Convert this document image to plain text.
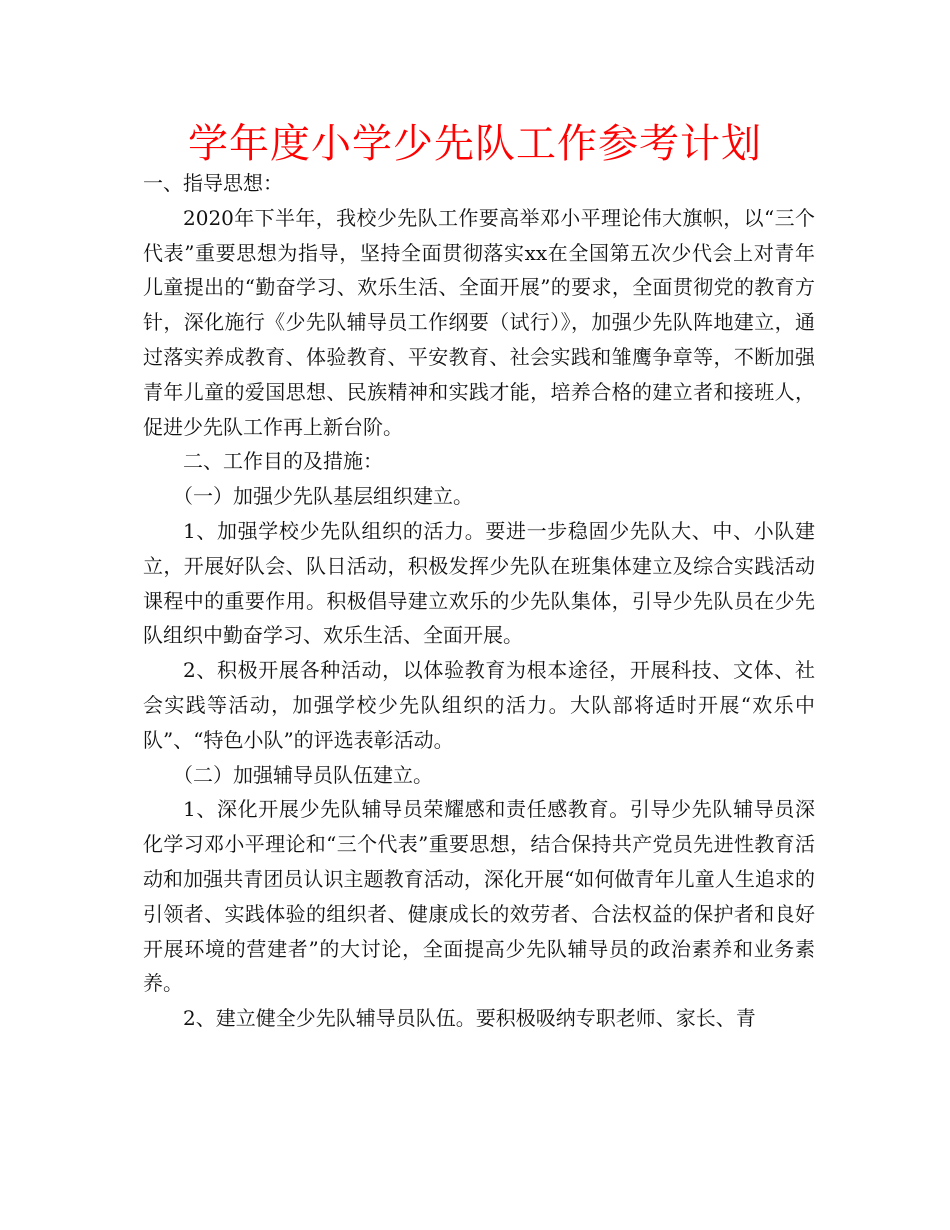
学年度小学少先队工作参考计划

一、指导思想：

2020年下半年，我校少先队工作要高举邓小平理论伟大旗帜，以“三个代表”重要思想为指导，坚持全面贯彻落实xx在全国第五次少代会上对青年儿童提出的“勤奋学习、欢乐生活、全面开展”的要求，全面贯彻党的教育方针，深化施行《少先队辅导员工作纲要（试行）》，加强少先队阵地建立，通过落实养成教育、体验教育、平安教育、社会实践和雏鹰争章等，不断加强青年儿童的爱国思想、民族精神和实践才能，培养合格的建立者和接班人，促进少先队工作再上新台阶。

二、工作目的及措施：

（一）加强少先队基层组织建立。

1、加强学校少先队组织的活力。要进一步稳固少先队大、中、小队建立，开展好队会、队日活动，积极发挥少先队在班集体建立及综合实践活动课程中的重要作用。积极倡导建立欢乐的少先队集体，引导少先队员在少先队组织中勤奋学习、欢乐生活、全面开展。

2、积极开展各种活动，以体验教育为根本途径，开展科技、文体、社会实践等活动，加强学校少先队组织的活力。大队部将适时开展“欢乐中队”、“特色小队”的评选表彰活动。

（二）加强辅导员队伍建立。

1、深化开展少先队辅导员荣耀感和责任感教育。引导少先队辅导员深化学习邓小平理论和“三个代表”重要思想，结合保持共产党员先进性教育活动和加强共青团员认识主题教育活动，深化开展“如何做青年儿童人生追求的引领者、实践体验的组织者、健康成长的效劳者、合法权益的保护者和良好开展环境的营建者”的大讨论，全面提高少先队辅导员的政治素养和业务素养。

2、建立健全少先队辅导员队伍。要积极吸纳专职老师、家长、青
